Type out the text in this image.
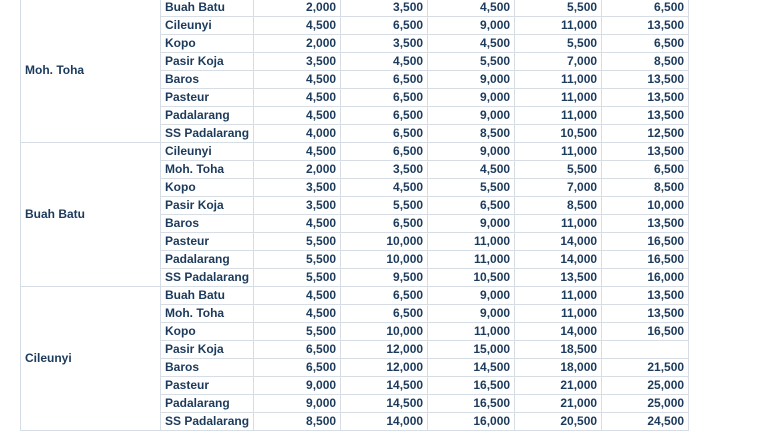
Moh. Toha	Buah Batu	2,000	3,500	4,500	5,500	6,500
	Cileunyi	4,500	6,500	9,000	11,000	13,500
	Kopo	2,000	3,500	4,500	5,500	6,500
	Pasir Koja	3,500	4,500	5,500	7,000	8,500
	Baros	4,500	6,500	9,000	11,000	13,500
	Pasteur	4,500	6,500	9,000	11,000	13,500
	Padalarang	4,500	6,500	9,000	11,000	13,500
	SS Padalarang	4,000	6,500	8,500	10,500	12,500
Buah Batu	Cileunyi	4,500	6,500	9,000	11,000	13,500
	Moh. Toha	2,000	3,500	4,500	5,500	6,500
	Kopo	3,500	4,500	5,500	7,000	8,500
	Pasir Koja	3,500	5,500	6,500	8,500	10,000
	Baros	4,500	6,500	9,000	11,000	13,500
	Pasteur	5,500	10,000	11,000	14,000	16,500
	Padalarang	5,500	10,000	11,000	14,000	16,500
	SS Padalarang	5,500	9,500	10,500	13,500	16,000
Cileunyi	Buah Batu	4,500	6,500	9,000	11,000	13,500
	Moh. Toha	4,500	6,500	9,000	11,000	13,500
	Kopo	5,500	10,000	11,000	14,000	16,500
	Pasir Koja	6,500	12,000	15,000	18,500	
	Baros	6,500	12,000	14,500	18,000	21,500
	Pasteur	9,000	14,500	16,500	21,000	25,000
	Padalarang	9,000	14,500	16,500	21,000	25,000
	SS Padalarang	8,500	14,000	16,000	20,500	24,500
